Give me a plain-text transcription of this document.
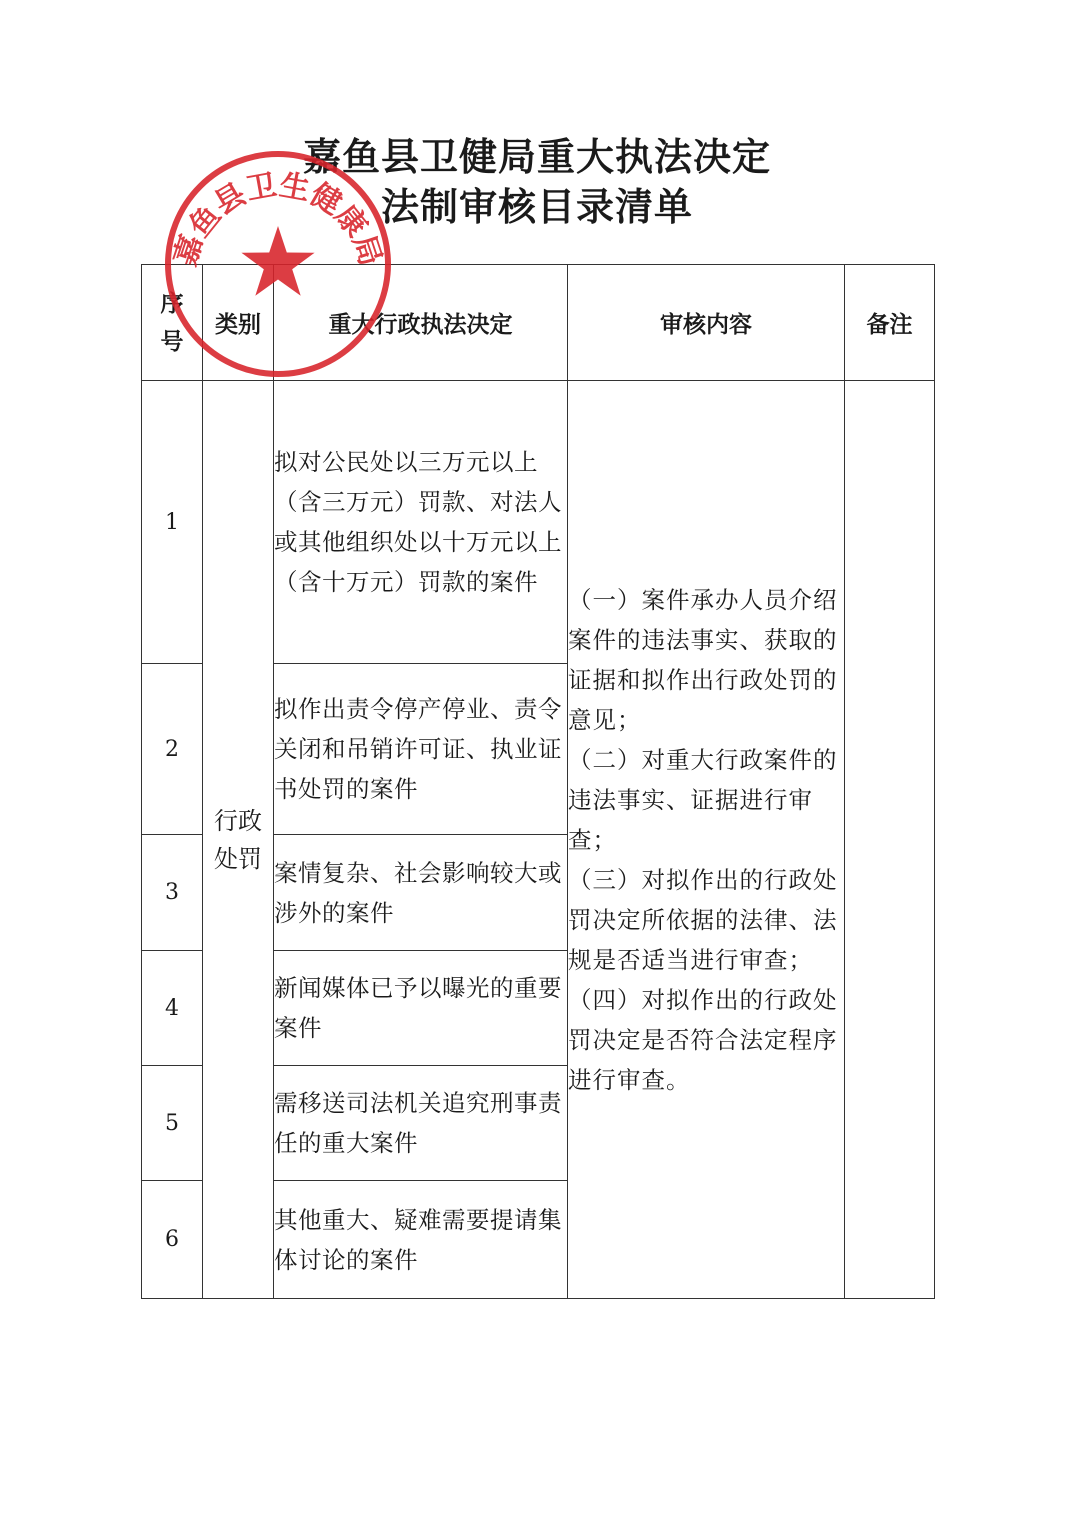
嘉鱼县卫健局重大执法决定
法制审核目录清单
序号	类别	重大行政执法决定	审核内容	备注
1	行政处罚	拟对公民处以三万元以上（含三万元）罚款、对法人或其他组织处以十万元以上（含十万元）罚款的案件	（一）案件承办人员介绍案件的违法事实、获取的证据和拟作出行政处罚的意见；
（二）对重大行政案件的违法事实、证据进行审查；
（三）对拟作出的行政处罚决定所依据的法律、法规是否适当进行审查；
（四）对拟作出的行政处罚决定是否符合法定程序进行审查。	

2		拟作出责令停产停业、责令关闭和吊销许可证、执业证书处罚的案件		
3		案情复杂、社会影响较大或涉外的案件		
4		新闻媒体已予以曝光的重要案件		
5		需移送司法机关追究刑事责任的重大案件		
6		其他重大、疑难需要提请集体讨论的案件		
嘉鱼县卫生健康局
